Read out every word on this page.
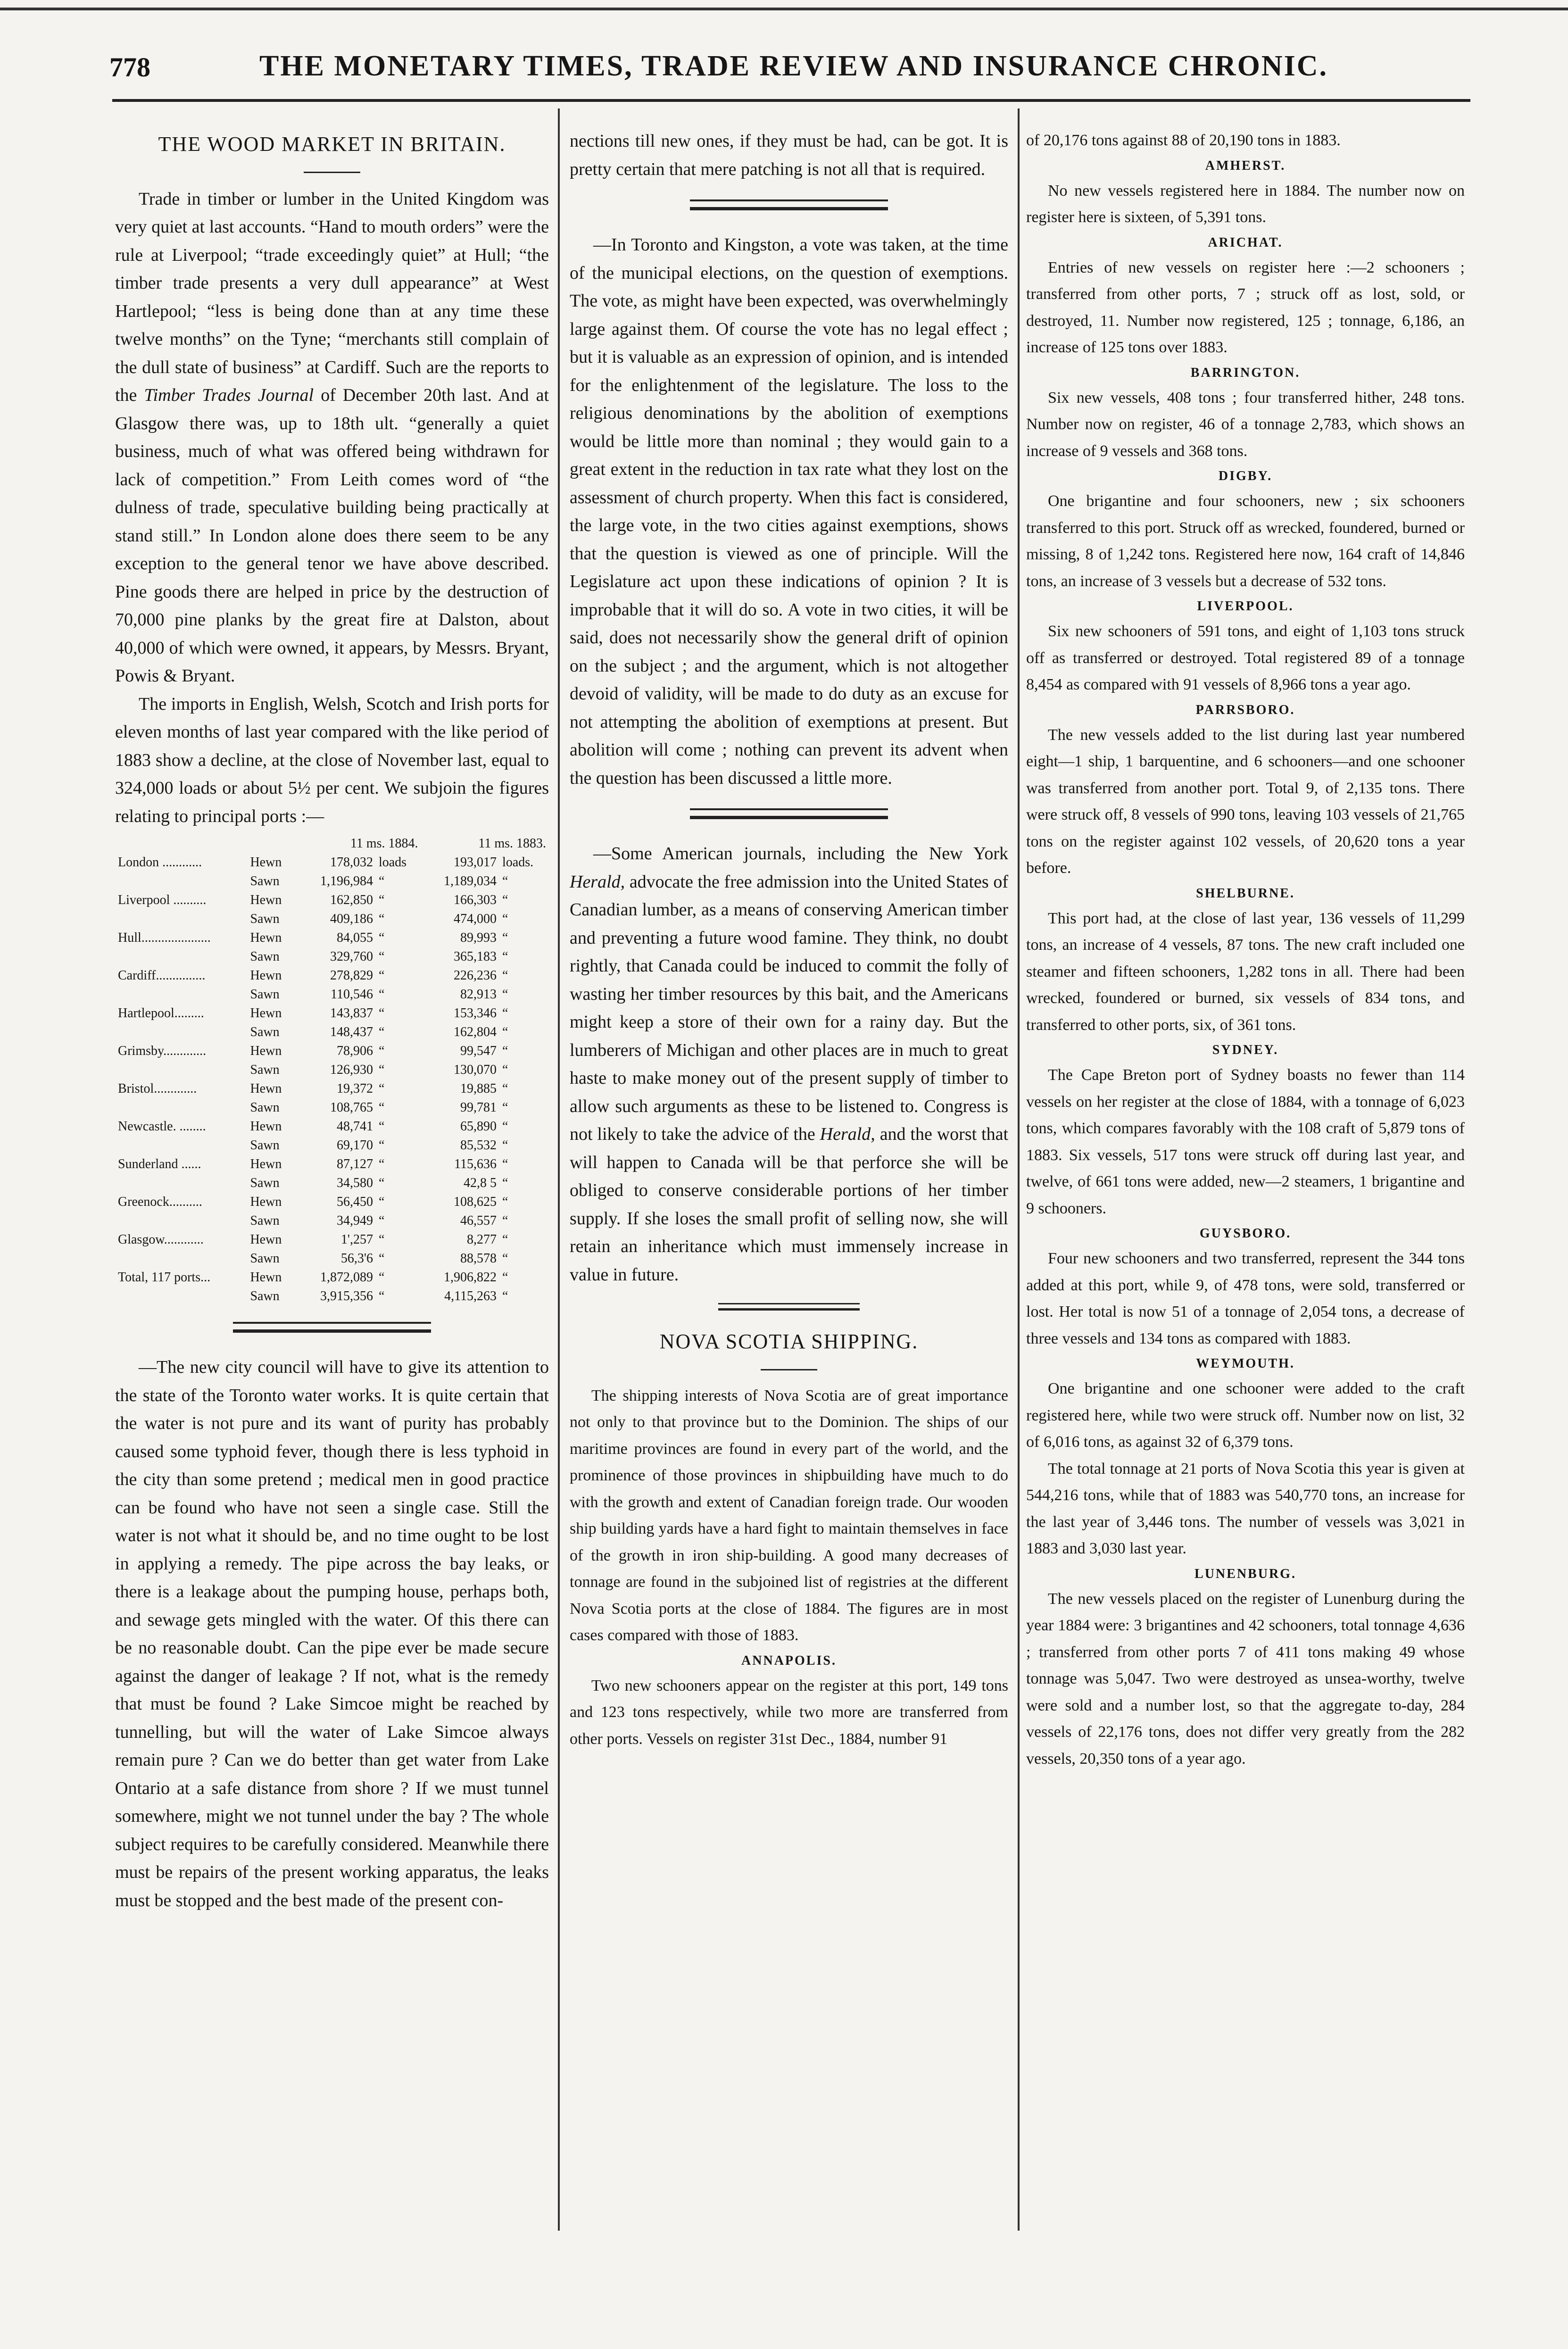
778	THE MONETARY TIMES, TRADE REVIEW AND INSURANCE CHRONIC.
THE WOOD MARKET IN BRITAIN.

Trade in timber or lumber in the United Kingdom was very quiet at last accounts. “Hand to mouth orders” were the rule at Liverpool; “trade exceedingly quiet” at Hull; “the timber trade presents a very dull appearance” at West Hartlepool; “less is being done than at any time these twelve months” on the Tyne; “merchants still complain of the dull state of business” at Cardiff. Such are the reports to the Timber Trades Journal of December 20th last. And at Glasgow there was, up to 18th ult. “generally a quiet business, much of what was offered being withdrawn for lack of competition.” From Leith comes word of “the dulness of trade, speculative building being practically at stand still.” In London alone does there seem to be any exception to the general tenor we have above described. Pine goods there are helped in price by the destruction of 70,000 pine planks by the great fire at Dalston, about 40,000 of which were owned, it appears, by Messrs. Bryant, Powis & Bryant.

The imports in English, Welsh, Scotch and Irish ports for eleven months of last year compared with the like period of 1883 show a decline, at the close of November last, equal to 324,000 loads or about 5½ per cent. We subjoin the figures relating to principal ports :—

		11 ms. 1884.		11 ms. 1883.	
London ............	Hewn	178,032	loads	193,017	loads.
	Sawn	1,196,984	“	1,189,034	“
Liverpool ..........	Hewn	162,850	“	166,303	“
	Sawn	409,186	“	474,000	“
Hull.....................	Hewn	84,055	“	89,993	“
	Sawn	329,760	“	365,183	“
Cardiff...............	Hewn	278,829	“	226,236	“
	Sawn	110,546	“	82,913	“
Hartlepool.........	Hewn	143,837	“	153,346	“
	Sawn	148,437	“	162,804	“
Grimsby.............	Hewn	78,906	“	99,547	“
	Sawn	126,930	“	130,070	“
Bristol.............	Hewn	19,372	“	19,885	“
	Sawn	108,765	“	99,781	“
Newcastle. ........	Hewn	48,741	“	65,890	“
	Sawn	69,170	“	85,532	“
Sunderland ......	Hewn	87,127	“	115,636	“
	Sawn	34,580	“	42,8 5	“
Greenock..........	Hewn	56,450	“	108,625	“
	Sawn	34,949	“	46,557	“
Glasgow............	Hewn	1',257	“	8,277	“
	Sawn	56,3'6	“	88,578	“
Total, 117 ports...	Hewn	1,872,089	“	1,906,822	“
	Sawn	3,915,356	“	4,115,263	“

—The new city council will have to give its attention to the state of the Toronto water works. It is quite certain that the water is not pure and its want of purity has probably caused some typhoid fever, though there is less typhoid in the city than some pretend ; medical men in good practice can be found who have not seen a single case. Still the water is not what it should be, and no time ought to be lost in applying a remedy. The pipe across the bay leaks, or there is a leakage about the pumping house, perhaps both, and sewage gets mingled with the water. Of this there can be no reasonable doubt. Can the pipe ever be made secure against the danger of leakage ? If not, what is the remedy that must be found ? Lake Simcoe might be reached by tunnelling, but will the water of Lake Simcoe always remain pure ? Can we do better than get water from Lake Ontario at a safe distance from shore ? If we must tunnel somewhere, might we not tunnel under the bay ? The whole subject requires to be carefully considered. Meanwhile there must be repairs of the present working apparatus, the leaks must be stopped and the best made of the present con-

nections till new ones, if they must be had, can be got. It is pretty certain that mere patching is not all that is required.

—In Toronto and Kingston, a vote was taken, at the time of the municipal elections, on the question of exemptions. The vote, as might have been expected, was overwhelmingly large against them. Of course the vote has no legal effect ; but it is valuable as an expression of opinion, and is intended for the enlightenment of the legislature. The loss to the religious denominations by the abolition of exemptions would be little more than nominal ; they would gain to a great extent in the reduction in tax rate what they lost on the assessment of church property. When this fact is considered, the large vote, in the two cities against exemptions, shows that the question is viewed as one of principle. Will the Legislature act upon these indications of opinion ? It is improbable that it will do so. A vote in two cities, it will be said, does not necessarily show the general drift of opinion on the subject ; and the argument, which is not altogether devoid of validity, will be made to do duty as an excuse for not attempting the abolition of exemptions at present. But abolition will come ; nothing can prevent its advent when the question has been discussed a little more.

—Some American journals, including the New York Herald, advocate the free admission into the United States of Canadian lumber, as a means of conserving American timber and preventing a future wood famine. They think, no doubt rightly, that Canada could be induced to commit the folly of wasting her timber resources by this bait, and the Americans might keep a store of their own for a rainy day. But the lumberers of Michigan and other places are in much to great haste to make money out of the present supply of timber to allow such arguments as these to be listened to. Congress is not likely to take the advice of the Herald, and the worst that will happen to Canada will be that perforce she will be obliged to conserve considerable portions of her timber supply. If she loses the small profit of selling now, she will retain an inheritance which must immensely increase in value in future.

NOVA SCOTIA SHIPPING.

The shipping interests of Nova Scotia are of great importance not only to that province but to the Dominion. The ships of our maritime provinces are found in every part of the world, and the prominence of those provinces in shipbuilding have much to do with the growth and extent of Canadian foreign trade. Our wooden ship building yards have a hard fight to maintain themselves in face of the growth in iron ship-building. A good many decreases of tonnage are found in the subjoined list of registries at the different Nova Scotia ports at the close of 1884. The figures are in most cases compared with those of 1883.

ANNAPOLIS.

Two new schooners appear on the register at this port, 149 tons and 123 tons respectively, while two more are transferred from other ports. Vessels on register 31st Dec., 1884, number 91

of 20,176 tons against 88 of 20,190 tons in 1883.

AMHERST.

No new vessels registered here in 1884. The number now on register here is sixteen, of 5,391 tons.

ARICHAT.

Entries of new vessels on register here :—2 schooners ; transferred from other ports, 7 ; struck off as lost, sold, or destroyed, 11. Number now registered, 125 ; tonnage, 6,186, an increase of 125 tons over 1883.

BARRINGTON.

Six new vessels, 408 tons ; four transferred hither, 248 tons. Number now on register, 46 of a tonnage 2,783, which shows an increase of 9 vessels and 368 tons.

DIGBY.

One brigantine and four schooners, new ; six schooners transferred to this port. Struck off as wrecked, foundered, burned or missing, 8 of 1,242 tons. Registered here now, 164 craft of 14,846 tons, an increase of 3 vessels but a decrease of 532 tons.

LIVERPOOL.

Six new schooners of 591 tons, and eight of 1,103 tons struck off as transferred or destroyed. Total registered 89 of a tonnage 8,454 as compared with 91 vessels of 8,966 tons a year ago.

PARRSBORO.

The new vessels added to the list during last year numbered eight—1 ship, 1 barquentine, and 6 schooners—and one schooner was transferred from another port. Total 9, of 2,135 tons. There were struck off, 8 vessels of 990 tons, leaving 103 vessels of 21,765 tons on the register against 102 vessels, of 20,620 tons a year before.

SHELBURNE.

This port had, at the close of last year, 136 vessels of 11,299 tons, an increase of 4 vessels, 87 tons. The new craft included one steamer and fifteen schooners, 1,282 tons in all. There had been wrecked, foundered or burned, six vessels of 834 tons, and transferred to other ports, six, of 361 tons.

SYDNEY.

The Cape Breton port of Sydney boasts no fewer than 114 vessels on her register at the close of 1884, with a tonnage of 6,023 tons, which compares favorably with the 108 craft of 5,879 tons of 1883. Six vessels, 517 tons were struck off during last year, and twelve, of 661 tons were added, new—2 steamers, 1 brigantine and 9 schooners.

GUYSBORO.

Four new schooners and two transferred, represent the 344 tons added at this port, while 9, of 478 tons, were sold, transferred or lost. Her total is now 51 of a tonnage of 2,054 tons, a decrease of three vessels and 134 tons as compared with 1883.

WEYMOUTH.

One brigantine and one schooner were added to the craft registered here, while two were struck off. Number now on list, 32 of 6,016 tons, as against 32 of 6,379 tons.

The total tonnage at 21 ports of Nova Scotia this year is given at 544,216 tons, while that of 1883 was 540,770 tons, an increase for the last year of 3,446 tons. The number of vessels was 3,021 in 1883 and 3,030 last year.

LUNENBURG.

The new vessels placed on the register of Lunenburg during the year 1884 were: 3 brigantines and 42 schooners, total tonnage 4,636 ; transferred from other ports 7 of 411 tons making 49 whose tonnage was 5,047. Two were destroyed as unsea-worthy, twelve were sold and a number lost, so that the aggregate to-day, 284 vessels of 22,176 tons, does not differ very greatly from the 282 vessels, 20,350 tons of a year ago.
